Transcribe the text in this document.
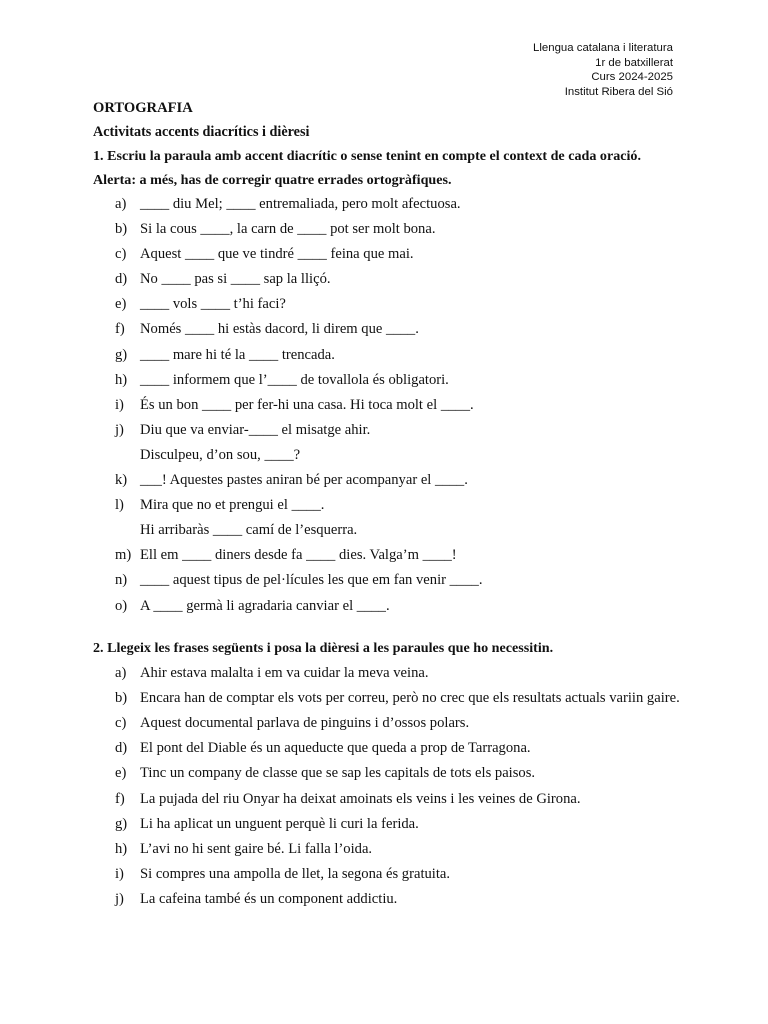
Llengua catalana i literatura
1r de batxillerat
Curs 2024-2025
Institut Ribera del Sió
ORTOGRAFIA
Activitats accents diacrítics i dièresi
1. Escriu la paraula amb accent diacrític o sense tenint en compte el context de cada oració.
Alerta: a més, has de corregir quatre errades ortogràfiques.
a) ____ diu Mel; ____ entremaliada, pero molt afectuosa.
b) Si la cous ____, la carn de ____ pot ser molt bona.
c) Aquest ____ que ve tindré ____ feina que mai.
d) No ____ pas si ____ sap la lliçó.
e) ____ vols ____ t’hi faci?
f)	Només ____ hi estàs dacord, li direm que ____.
g) ____ mare hi té la ____ trencada.
h) ____ informem que l’____ de tovallola és obligatori.
i)	És un bon ____ per fer-hi una casa. Hi toca molt el ____.
j)	Diu que va enviar-____ el misatge ahir.
Disculpeu, d’on sou, ____?
k) ___! Aquestes pastes aniran bé per acompanyar el ____.
l)	Mira que no et prengui el ____.
Hi arribaràs ____ camí de l’esquerra.
m) Ell em ____ diners desde fa ____ dies. Valga’m ____!
n) ____ aquest tipus de pel·lícules les que em fan venir ____.
o) A ____ germà li agradaria canviar el ____.
2. Llegeix les frases següents i posa la dièresi a les paraules que ho necessitin.
a) Ahir estava malalta i em va cuidar la meva veina.
b) Encara han de comptar els vots per correu, però no crec que els resultats actuals variin gaire.
c) Aquest documental parlava de pinguins i d’ossos polars.
d) El pont del Diable és un aqueducte que queda a prop de Tarragona.
e) Tinc un company de classe que se sap les capitals de tots els paisos.
f)	La pujada del riu Onyar ha deixat amoinats els veins i les veines de Girona.
g) Li ha aplicat un unguent perquè li curi la ferida.
h) L’avi no hi sent gaire bé. Li falla l’oida.
i)	Si compres una ampolla de llet, la segona és gratuita.
j)	La cafeina també és un component addictiu.
